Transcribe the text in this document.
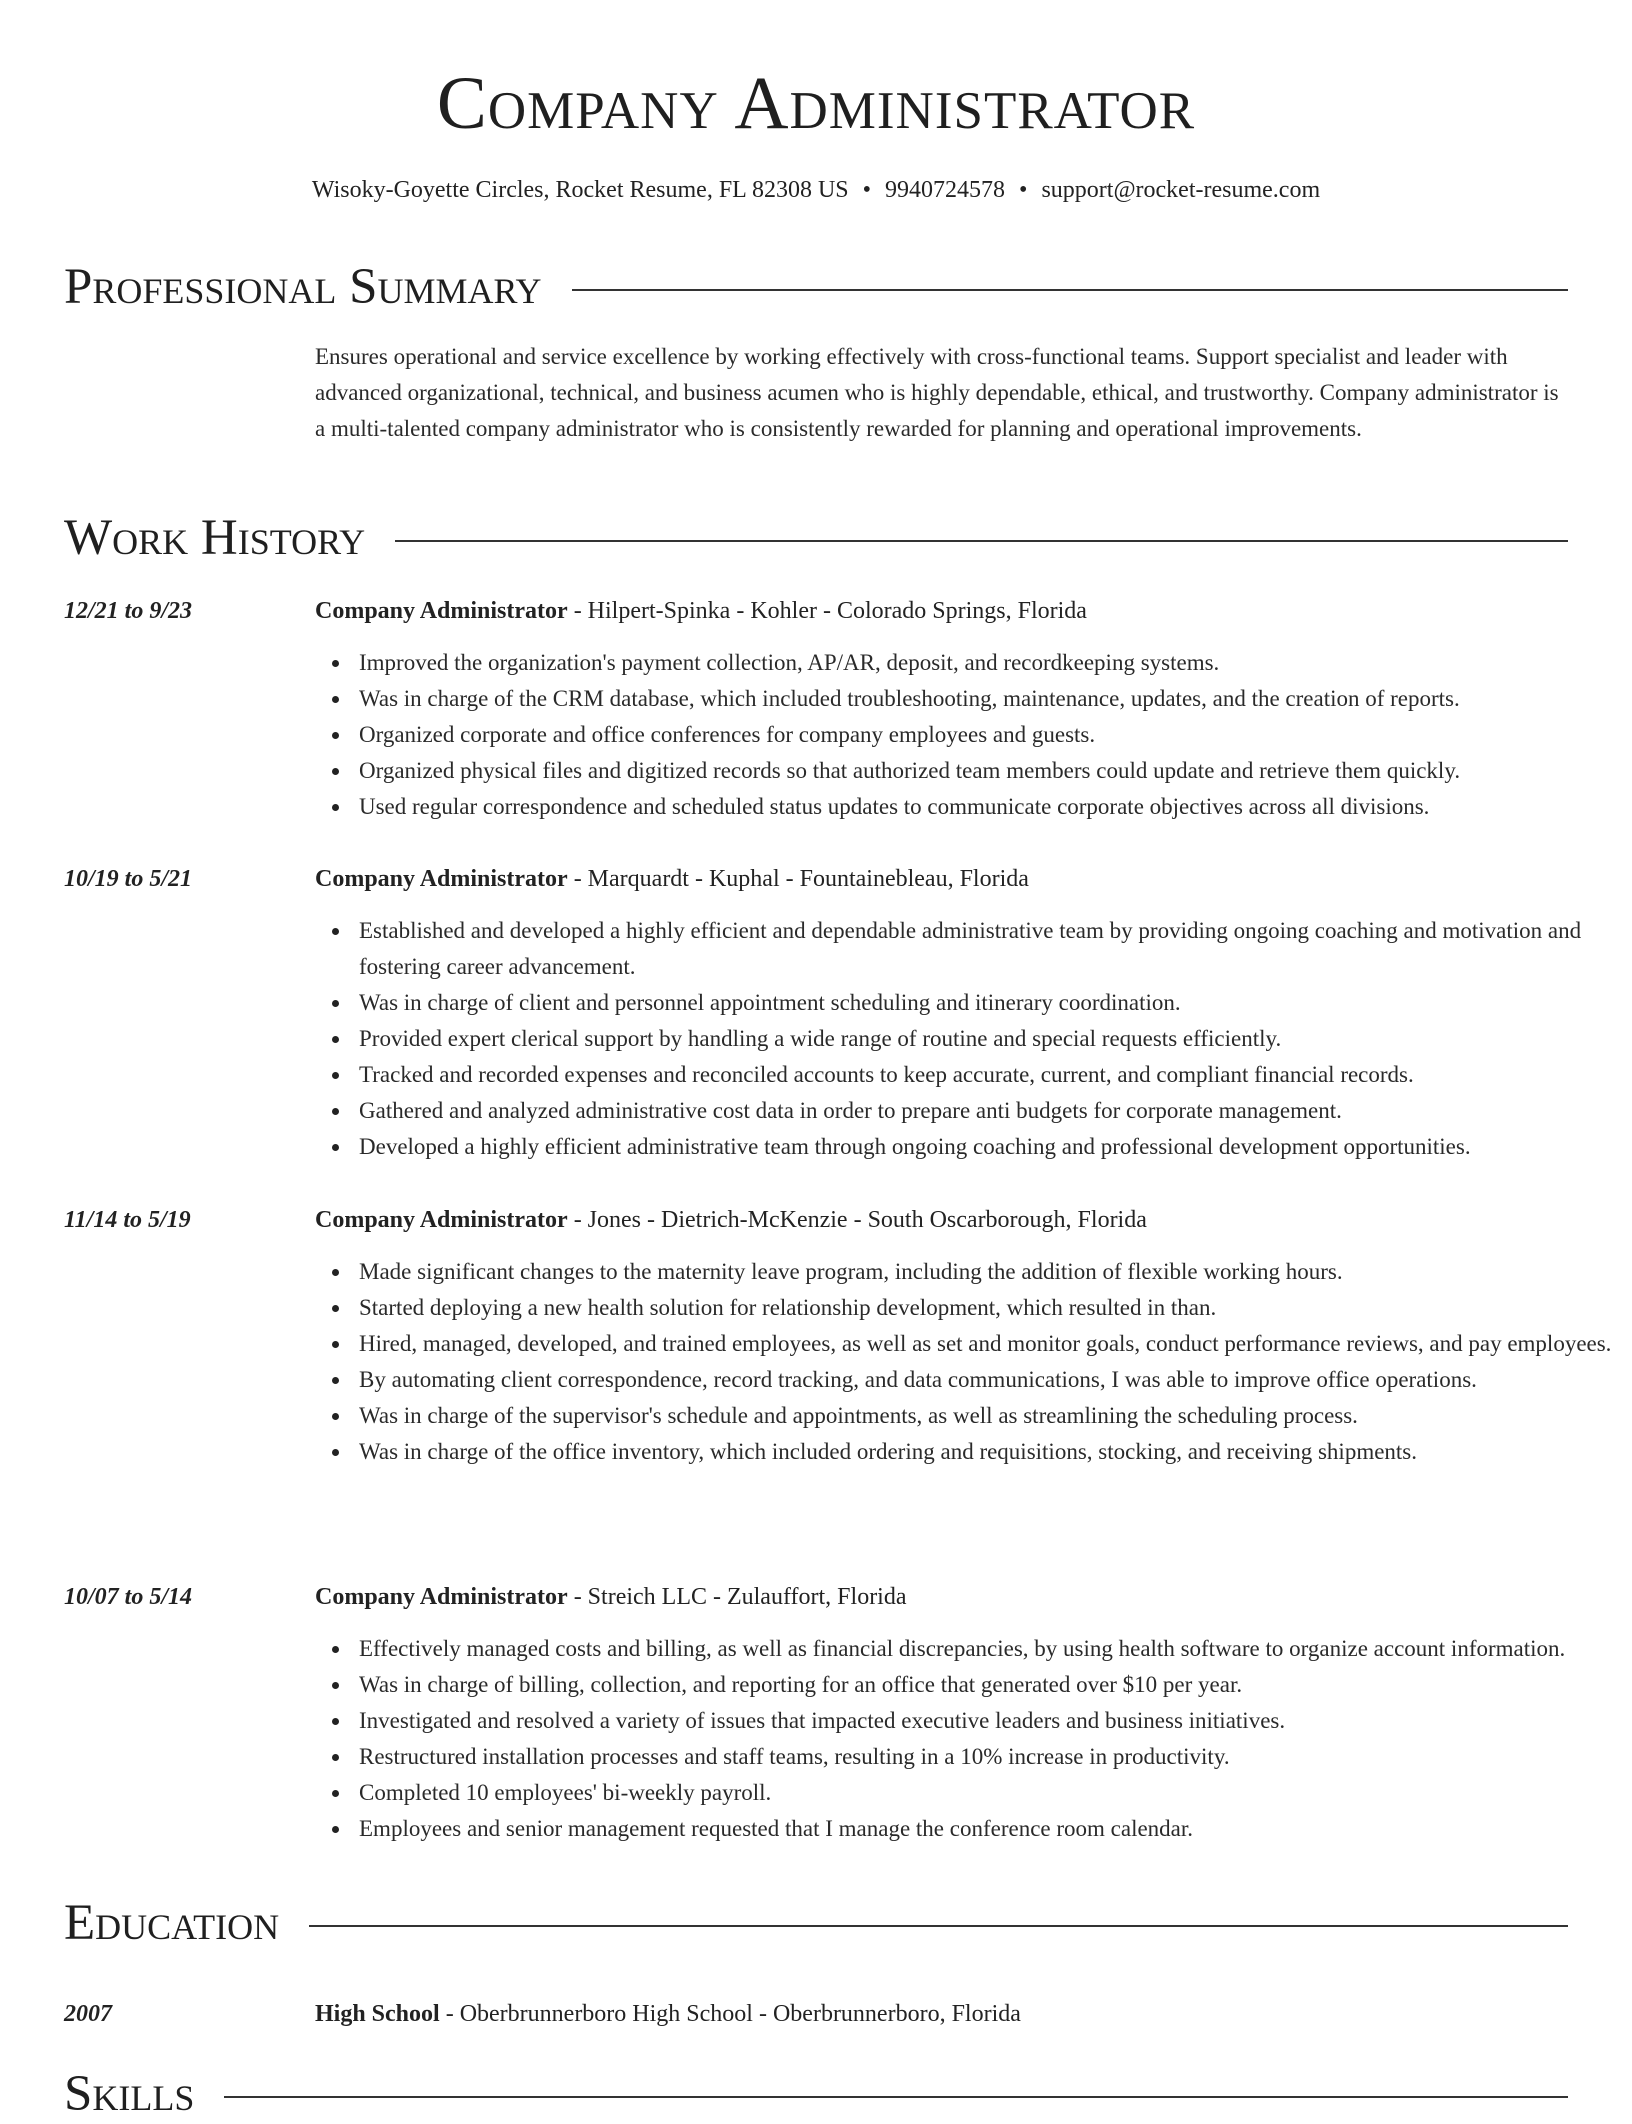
Company Administrator
Wisoky-Goyette Circles, Rocket Resume, FL 82308 US • 9940724578 • support@rocket-resume.com
Professional Summary
Ensures operational and service excellence by working effectively with cross-functional teams. Support specialist and leader with advanced organizational, technical, and business acumen who is highly dependable, ethical, and trustworthy. Company administrator is a multi-talented company administrator who is consistently rewarded for planning and operational improvements.
Work History
12/21 to 9/23	Company Administrator - Hilpert-Spinka - Kohler - Colorado Springs, Florida
Improved the organization's payment collection, AP/AR, deposit, and recordkeeping systems.
Was in charge of the CRM database, which included troubleshooting, maintenance, updates, and the creation of reports.
Organized corporate and office conferences for company employees and guests.
Organized physical files and digitized records so that authorized team members could update and retrieve them quickly.
Used regular correspondence and scheduled status updates to communicate corporate objectives across all divisions.
10/19 to 5/21	Company Administrator - Marquardt - Kuphal - Fountainebleau, Florida
Established and developed a highly efficient and dependable administrative team by providing ongoing coaching and motivation and fostering career advancement.
Was in charge of client and personnel appointment scheduling and itinerary coordination.
Provided expert clerical support by handling a wide range of routine and special requests efficiently.
Tracked and recorded expenses and reconciled accounts to keep accurate, current, and compliant financial records.
Gathered and analyzed administrative cost data in order to prepare anti budgets for corporate management.
Developed a highly efficient administrative team through ongoing coaching and professional development opportunities.
11/14 to 5/19	Company Administrator - Jones - Dietrich-McKenzie - South Oscarborough, Florida
Made significant changes to the maternity leave program, including the addition of flexible working hours.
Started deploying a new health solution for relationship development, which resulted in than.
Hired, managed, developed, and trained employees, as well as set and monitor goals, conduct performance reviews, and pay employees.
By automating client correspondence, record tracking, and data communications, I was able to improve office operations.
Was in charge of the supervisor's schedule and appointments, as well as streamlining the scheduling process.
Was in charge of the office inventory, which included ordering and requisitions, stocking, and receiving shipments.
10/07 to 5/14	Company Administrator - Streich LLC - Zulauffort, Florida
Effectively managed costs and billing, as well as financial discrepancies, by using health software to organize account information.
Was in charge of billing, collection, and reporting for an office that generated over $10 per year.
Investigated and resolved a variety of issues that impacted executive leaders and business initiatives.
Restructured installation processes and staff teams, resulting in a 10% increase in productivity.
Completed 10 employees' bi-weekly payroll.
Employees and senior management requested that I manage the conference room calendar.
Education
2007	High School - Oberbrunnerboro High School - Oberbrunnerboro, Florida
Skills
